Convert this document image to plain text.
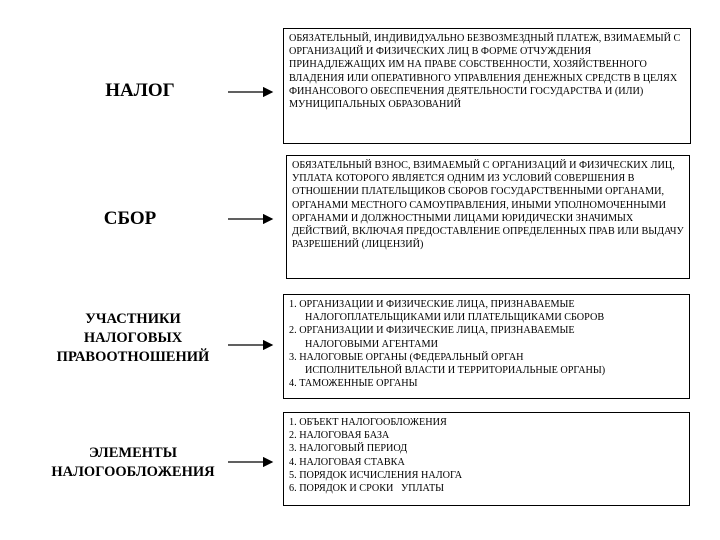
НАЛОГ

ОБЯЗАТЕЛЬНЫЙ, ИНДИВИДУАЛЬНО БЕЗВОЗМЕЗДНЫЙ ПЛАТЕЖ, ВЗИМАЕМЫЙ С ОРГАНИЗАЦИЙ И ФИЗИЧЕСКИХ ЛИЦ В ФОРМЕ ОТЧУЖДЕНИЯ ПРИНАДЛЕЖАЩИХ ИМ НА ПРАВЕ СОБСТВЕННОСТИ, ХОЗЯЙСТВЕННОГО ВЛАДЕНИЯ ИЛИ ОПЕРАТИВНОГО УПРАВЛЕНИЯ ДЕНЕЖНЫХ СРЕДСТВ В ЦЕЛЯХ ФИНАНСОВОГО ОБЕСПЕЧЕНИЯ ДЕЯТЕЛЬНОСТИ ГОСУДАРСТВА И (ИЛИ) МУНИЦИПАЛЬНЫХ ОБРАЗОВАНИЙ

СБОР

ОБЯЗАТЕЛЬНЫЙ ВЗНОС, ВЗИМАЕМЫЙ С ОРГАНИЗАЦИЙ И ФИЗИЧЕСКИХ ЛИЦ, УПЛАТА КОТОРОГО ЯВЛЯЕТСЯ ОДНИМ ИЗ УСЛОВИЙ СОВЕРШЕНИЯ В ОТНОШЕНИИ ПЛАТЕЛЬЩИКОВ СБОРОВ ГОСУДАРСТВЕННЫМИ ОРГАНАМИ, ОРГАНАМИ МЕСТНОГО САМОУПРАВЛЕНИЯ, ИНЫМИ УПОЛНОМОЧЕННЫМИ ОРГАНАМИ И ДОЛЖНОСТНЫМИ ЛИЦАМИ ЮРИДИЧЕСКИ ЗНАЧИМЫХ ДЕЙСТВИЙ, ВКЛЮЧАЯ ПРЕДОСТАВЛЕНИЕ ОПРЕДЕЛЕННЫХ ПРАВ ИЛИ ВЫДАЧУ РАЗРЕШЕНИЙ (ЛИЦЕНЗИЙ)

УЧАСТНИКИ
НАЛОГОВЫХ
ПРАВООТНОШЕНИЙ
1. ОРГАНИЗАЦИИ И ФИЗИЧЕСКИЕ ЛИЦА, ПРИЗНАВАЕМЫЕ
НАЛОГОПЛАТЕЛЬЩИКАМИ ИЛИ ПЛАТЕЛЬЩИКАМИ СБОРОВ
2. ОРГАНИЗАЦИИ И ФИЗИЧЕСКИЕ ЛИЦА, ПРИЗНАВАЕМЫЕ
НАЛОГОВЫМИ АГЕНТАМИ
3. НАЛОГОВЫЕ ОРГАНЫ (ФЕДЕРАЛЬНЫЙ ОРГАН
ИСПОЛНИТЕЛЬНОЙ ВЛАСТИ И ТЕРРИТОРИАЛЬНЫЕ ОРГАНЫ)
4. ТАМОЖЕННЫЕ ОРГАНЫ
ЭЛЕМЕНТЫ
НАЛОГООБЛОЖЕНИЯ
1. ОБЪЕКТ НАЛОГООБЛОЖЕНИЯ
2. НАЛОГОВАЯ БАЗА
3. НАЛОГОВЫЙ ПЕРИОД
4. НАЛОГОВАЯ СТАВКА
5. ПОРЯДОК ИСЧИСЛЕНИЯ НАЛОГА
6. ПОРЯДОК И СРОКИ   УПЛАТЫ
